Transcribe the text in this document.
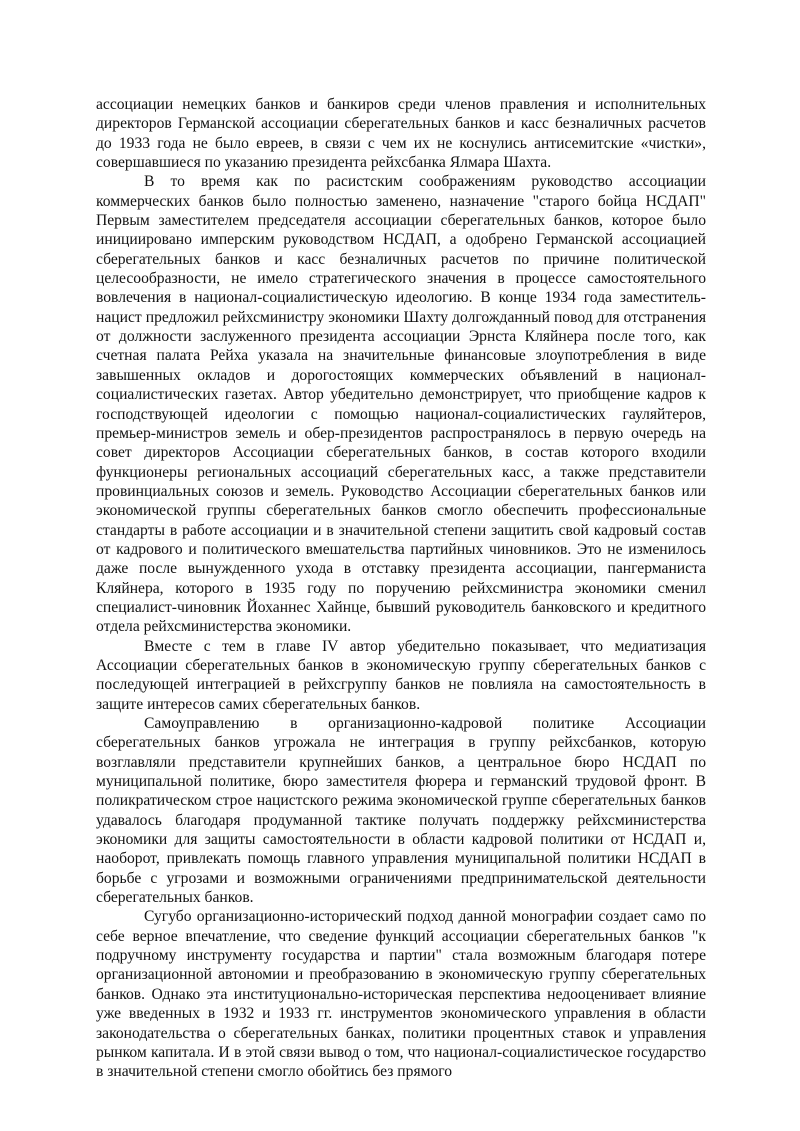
ассоциации немецких банков и банкиров среди членов правления и исполнительных директоров Германской ассоциации сберегательных банков и касс безналичных расчетов до 1933 года не было евреев, в связи с чем их не коснулись антисемитские «чистки», совершавшиеся по указанию президента рейхсбанка Ялмара Шахта.

В то время как по расистским соображениям руководство ассоциации коммерческих банков было полностью заменено, назначение "старого бойца НСДАП" Первым заместителем председателя ассоциации сберегательных банков, которое было инициировано имперским руководством НСДАП, а одобрено Германской ассоциацией сберегательных банков и касс безналичных расчетов по причине политической целесообразности, не имело стратегического значения в процессе самостоятельного вовлечения в национал-социалистическую идеологию. В конце 1934 года заместитель-нацист предложил рейхсминистру экономики Шахту долгожданный повод для отстранения от должности заслуженного президента ассоциации Эрнста Кляйнера после того, как счетная палата Рейха указала на значительные финансовые злоупотребления в виде завышенных окладов и дорогостоящих коммерческих объявлений в национал-социалистических газетах. Автор убедительно демонстрирует, что приобщение кадров к господствующей идеологии с помощью национал-социалистических гауляйтеров, премьер-министров земель и обер-президентов распространялось в первую очередь на совет директоров Ассоциации сберегательных банков, в состав которого входили функционеры региональных ассоциаций сберегательных касс, а также представители провинциальных союзов и земель. Руководство Ассоциации сберегательных банков или экономической группы сберегательных банков смогло обеспечить профессиональные стандарты в работе ассоциации и в значительной степени защитить свой кадровый состав от кадрового и политического вмешательства партийных чиновников. Это не изменилось даже после вынужденного ухода в отставку президента ассоциации, пангерманиста Кляйнера, которого в 1935 году по поручению рейхсминистра экономики сменил специалист-чиновник Йоханнес Хайнце, бывший руководитель банковского и кредитного отдела рейхсминистерства экономики.

Вместе с тем в главе IV автор убедительно показывает, что медиатизация Ассоциации сберегательных банков в экономическую группу сберегательных банков с последующей интеграцией в рейхсгруппу банков не повлияла на самостоятельность в защите интересов самих сберегательных банков.

Самоуправлению в организационно-кадровой политике Ассоциации сберегательных банков угрожала не интеграция в группу рейхсбанков, которую возглавляли представители крупнейших банков, а центральное бюро НСДАП по муниципальной политике, бюро заместителя фюрера и германский трудовой фронт. В поликратическом строе нацистского режима экономической группе сберегательных банков удавалось благодаря продуманной тактике получать поддержку рейхсминистерства экономики для защиты самостоятельности в области кадровой политики от НСДАП и, наоборот, привлекать помощь главного управления муниципальной политики НСДАП в борьбе с угрозами и возможными ограничениями предпринимательской деятельности сберегательных банков.

Сугубо организационно-исторический подход данной монографии создает само по себе верное впечатление, что сведение функций ассоциации сберегательных банков "к подручному инструменту государства и партии" стала возможным благодаря потере организационной автономии и преобразованию в экономическую группу сберегательных банков. Однако эта институционально-историческая перспектива недооценивает влияние уже введенных в 1932 и 1933 гг. инструментов экономического управления в области законодательства о сберегательных банках, политики процентных ставок и управления рынком капитала. И в этой связи вывод о том, что национал-социалистическое государство в значительной степени смогло обойтись без прямого
